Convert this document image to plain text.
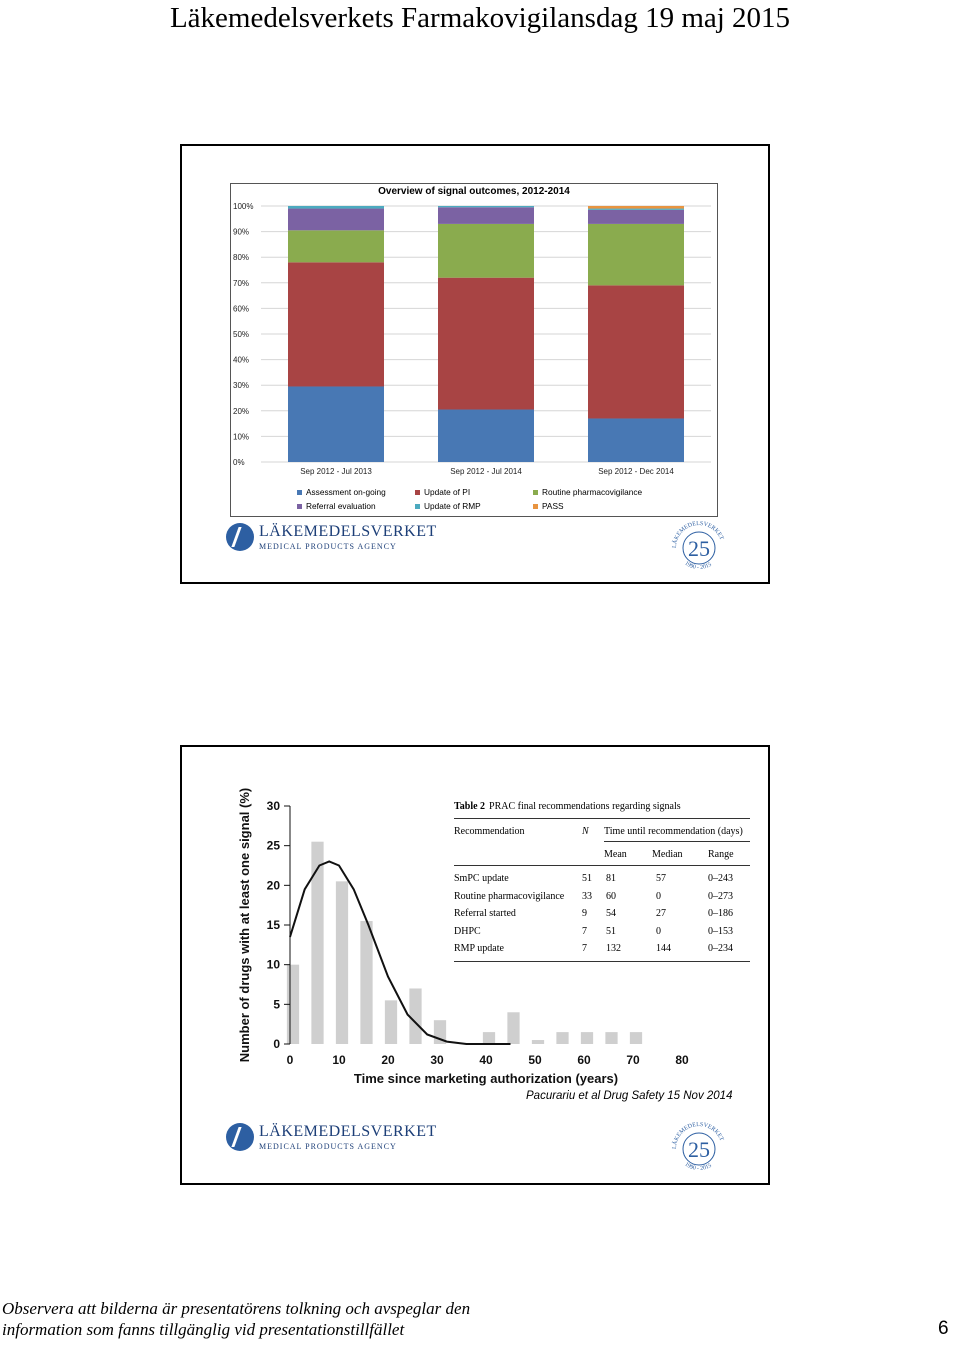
Läkemedelsverkets Farmakovigilansdag 19 maj 2015
Overview of signal outcomes, 2012-2014
0%
10%
20%
30%
40%
50%
60%
70%
80%
90%
100%
Sep 2012 - Jul 2013	Sep 2012 - Jul 2014	Sep 2012 - Dec 2014
Assessment on-going	Update of PI	Routine pharmacovigilance
Referral evaluation	Update of RMP	PASS
LÄKEMEDELSVERKET
MEDICAL PRODUCTS AGENCY	25
LÄKEMEDELSVERKET
1990 - 2015
0
5
10
15
20
25
30
0	10	20	30	40	50	60	70	80
Time since marketing authorization (years)
Number of drugs with at least one signal (%)	Table 2 PRAC final recommendations regarding signals
Recommendation	N Time until recommendation (days)
Mean	Median	Range
SmPC update	51 81	57	0–243
Routine pharmacovigilance 33 60	0	0–273
Referral started	9 54	27	0–186
DHPC	7 51	0	0–153
RMP update	7 132	144	0–234
Pacurariu et al Drug Safety 15 Nov 2014
LÄKEMEDELSVERKET
MEDICAL PRODUCTS AGENCY	25
LÄKEMEDELSVERKET
1990 - 2015
Observera att bilderna är presentatörens tolkning och avspeglar den
information som fanns tillgänglig vid presentationstillfället	6
